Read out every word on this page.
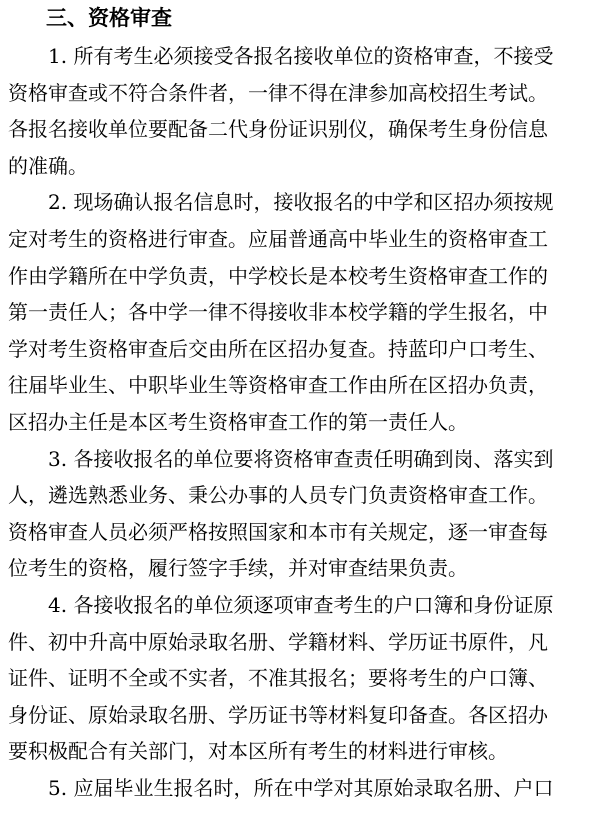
三、资格审查

1. 所有考生必须接受各报名接收单位的资格审查，不接受

资格审查或不符合条件者，一律不得在津参加高校招生考试。

各报名接收单位要配备二代身份证识别仪，确保考生身份信息

的准确。

2. 现场确认报名信息时，接收报名的中学和区招办须按规

定对考生的资格进行审查。应届普通高中毕业生的资格审查工

作由学籍所在中学负责，中学校长是本校考生资格审查工作的

第一责任人；各中学一律不得接收非本校学籍的学生报名，中

学对考生资格审查后交由所在区招办复查。持蓝印户口考生、

往届毕业生、中职毕业生等资格审查工作由所在区招办负责，

区招办主任是本区考生资格审查工作的第一责任人。

3. 各接收报名的单位要将资格审查责任明确到岗、落实到

人，遴选熟悉业务、秉公办事的人员专门负责资格审查工作。

资格审查人员必须严格按照国家和本市有关规定，逐一审查每

位考生的资格，履行签字手续，并对审查结果负责。

4. 各接收报名的单位须逐项审查考生的户口簿和身份证原

件、初中升高中原始录取名册、学籍材料、学历证书原件，凡

证件、证明不全或不实者，不准其报名；要将考生的户口簿、

身份证、原始录取名册、学历证书等材料复印备查。各区招办

要积极配合有关部门，对本区所有考生的材料进行审核。

5. 应届毕业生报名时，所在中学对其原始录取名册、户口
